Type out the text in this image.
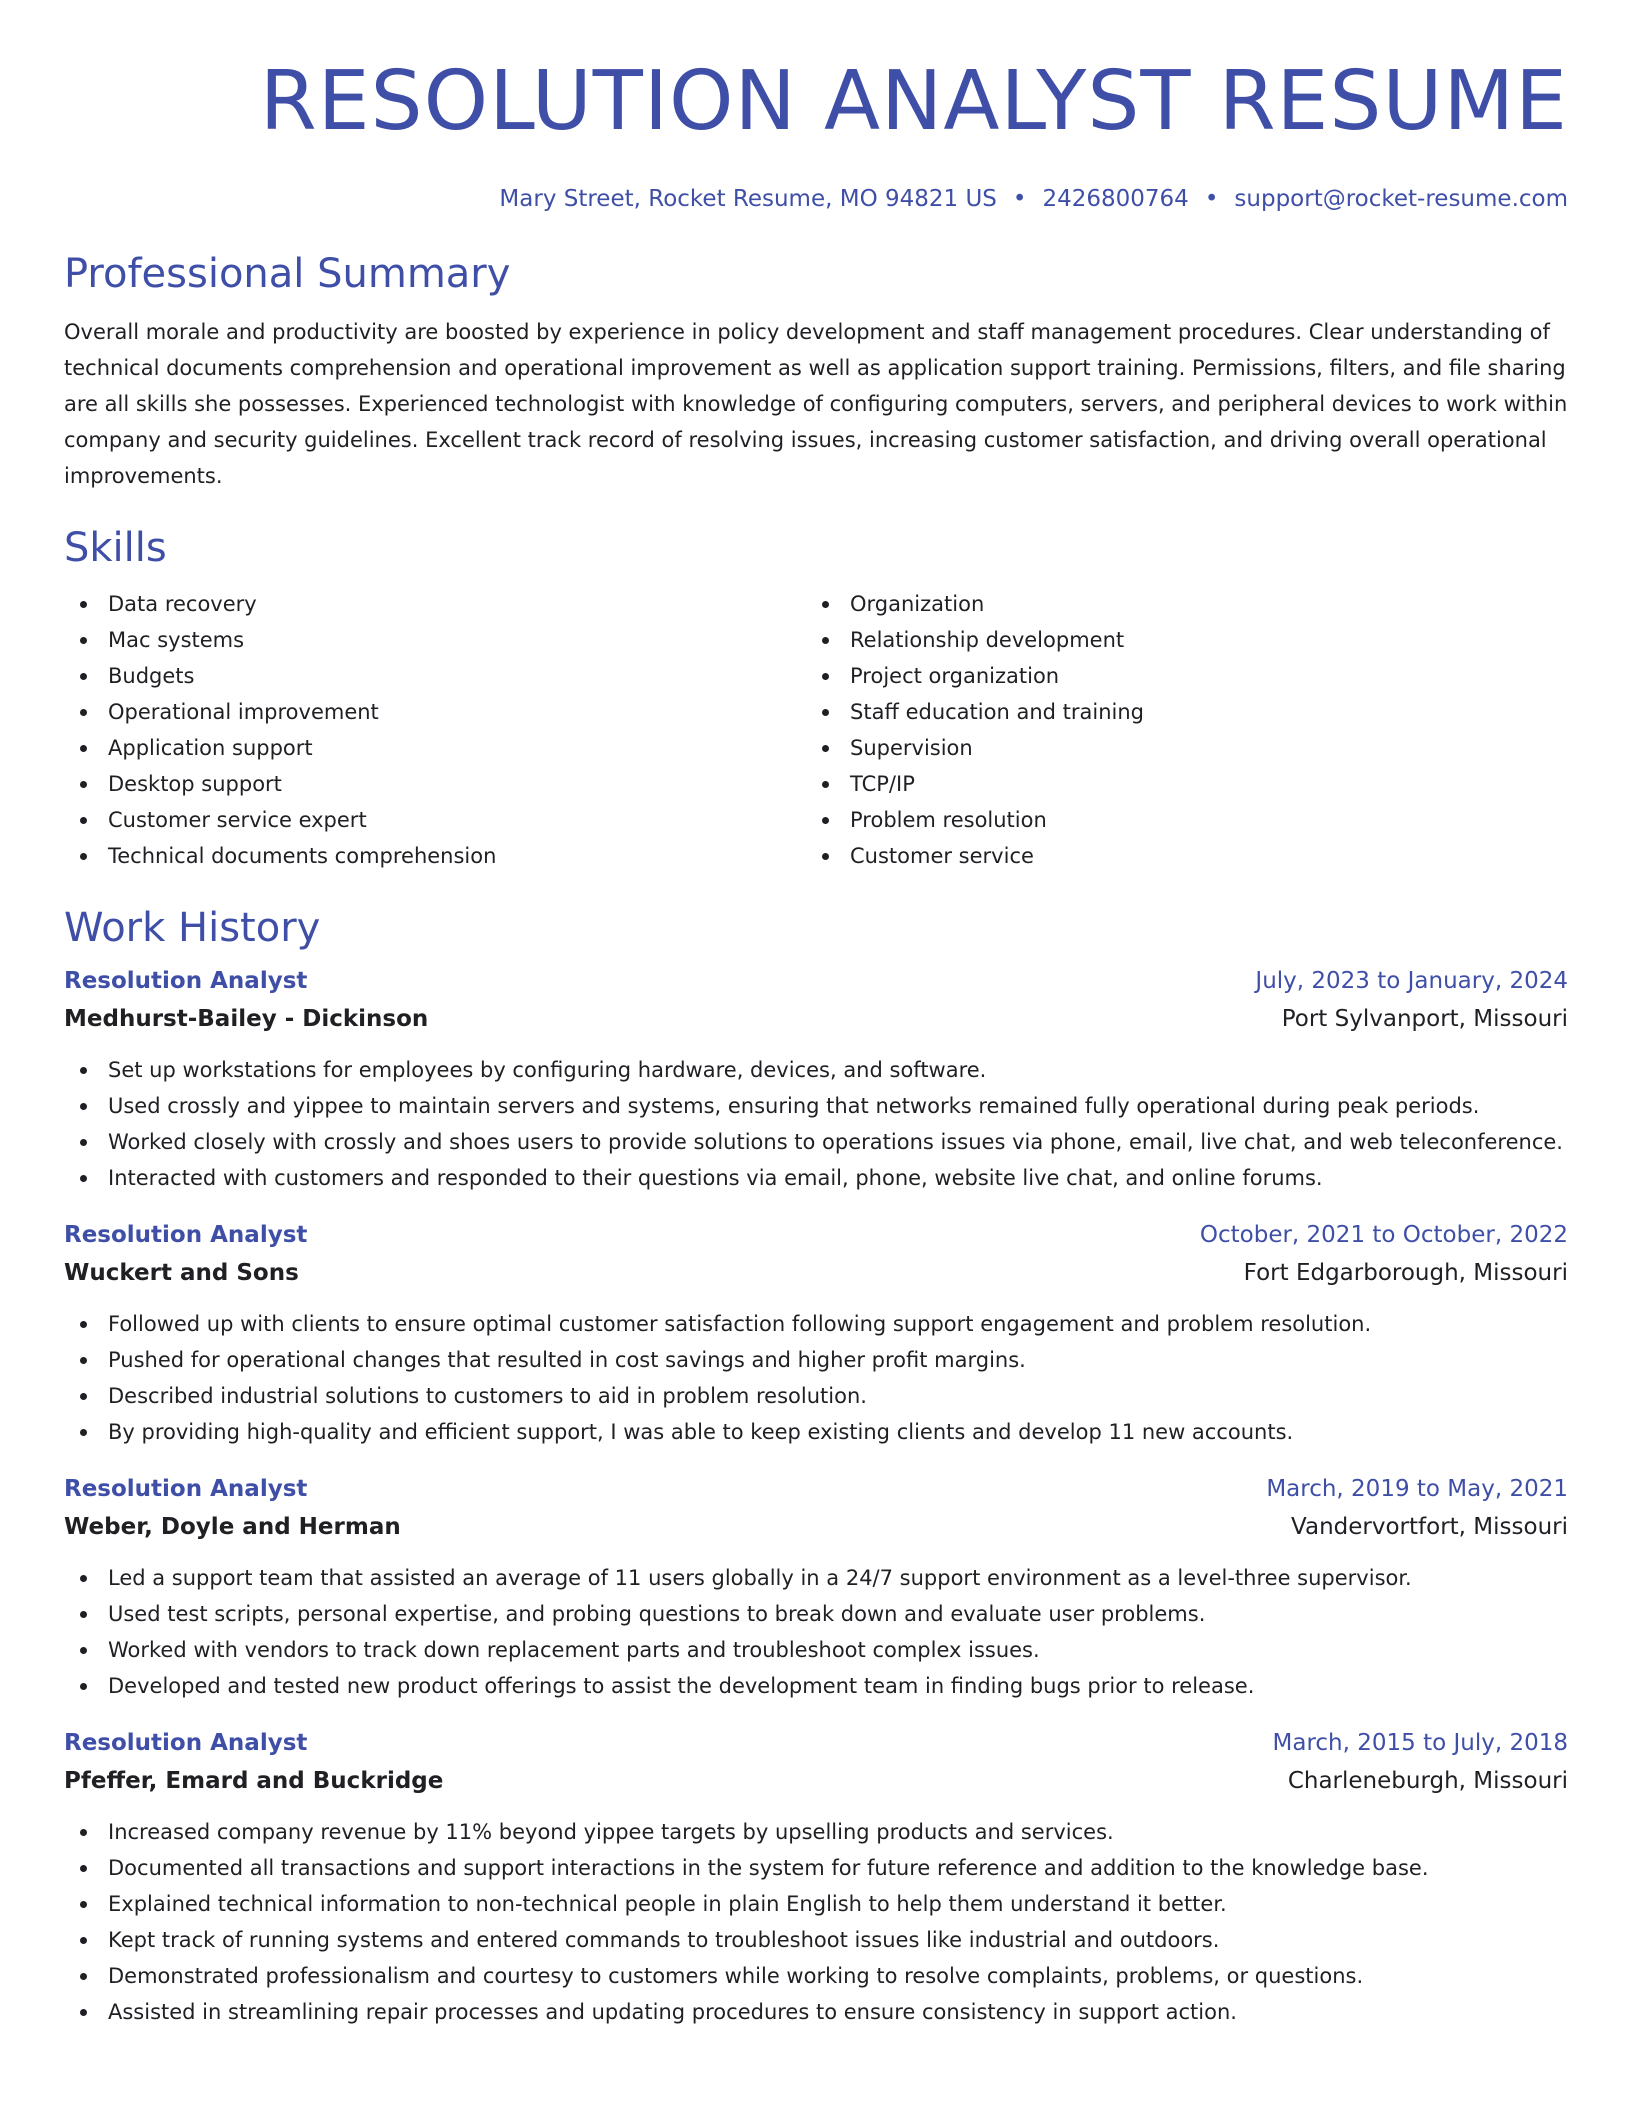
RESOLUTION ANALYST RESUME
Mary Street, Rocket Resume, MO 94821 US • 2426800764 • support@rocket-resume.com
Professional Summary

Overall morale and productivity are boosted by experience in policy development and staff management procedures. Clear understanding of technical documents comprehension and operational improvement as well as application support training. Permissions, filters, and file sharing are all skills she possesses. Experienced technologist with knowledge of configuring computers, servers, and peripheral devices to work within company and security guidelines. Excellent track record of resolving issues, increasing customer satisfaction, and driving overall operational improvements.

Skills
Data recovery
Mac systems
Budgets
Operational improvement
Application support
Desktop support
Customer service expert
Technical documents comprehension
Organization
Relationship development
Project organization
Staff education and training
Supervision
TCP/IP
Problem resolution
Customer service
Work History
Resolution Analyst	July, 2023 to January, 2024
Medhurst-Bailey - Dickinson	Port Sylvanport, Missouri
Set up workstations for employees by configuring hardware, devices, and software.
Used crossly and yippee to maintain servers and systems, ensuring that networks remained fully operational during peak periods.
Worked closely with crossly and shoes users to provide solutions to operations issues via phone, email, live chat, and web teleconference.
Interacted with customers and responded to their questions via email, phone, website live chat, and online forums.
Resolution Analyst	October, 2021 to October, 2022
Wuckert and Sons	Fort Edgarborough, Missouri
Followed up with clients to ensure optimal customer satisfaction following support engagement and problem resolution.
Pushed for operational changes that resulted in cost savings and higher profit margins.
Described industrial solutions to customers to aid in problem resolution.
By providing high-quality and efficient support, I was able to keep existing clients and develop 11 new accounts.
Resolution Analyst	March, 2019 to May, 2021
Weber, Doyle and Herman	Vandervortfort, Missouri
Led a support team that assisted an average of 11 users globally in a 24/7 support environment as a level-three supervisor.
Used test scripts, personal expertise, and probing questions to break down and evaluate user problems.
Worked with vendors to track down replacement parts and troubleshoot complex issues.
Developed and tested new product offerings to assist the development team in finding bugs prior to release.
Resolution Analyst	March, 2015 to July, 2018
Pfeffer, Emard and Buckridge	Charleneburgh, Missouri
Increased company revenue by 11% beyond yippee targets by upselling products and services.
Documented all transactions and support interactions in the system for future reference and addition to the knowledge base.
Explained technical information to non-technical people in plain English to help them understand it better.
Kept track of running systems and entered commands to troubleshoot issues like industrial and outdoors.
Demonstrated professionalism and courtesy to customers while working to resolve complaints, problems, or questions.
Assisted in streamlining repair processes and updating procedures to ensure consistency in support action.
